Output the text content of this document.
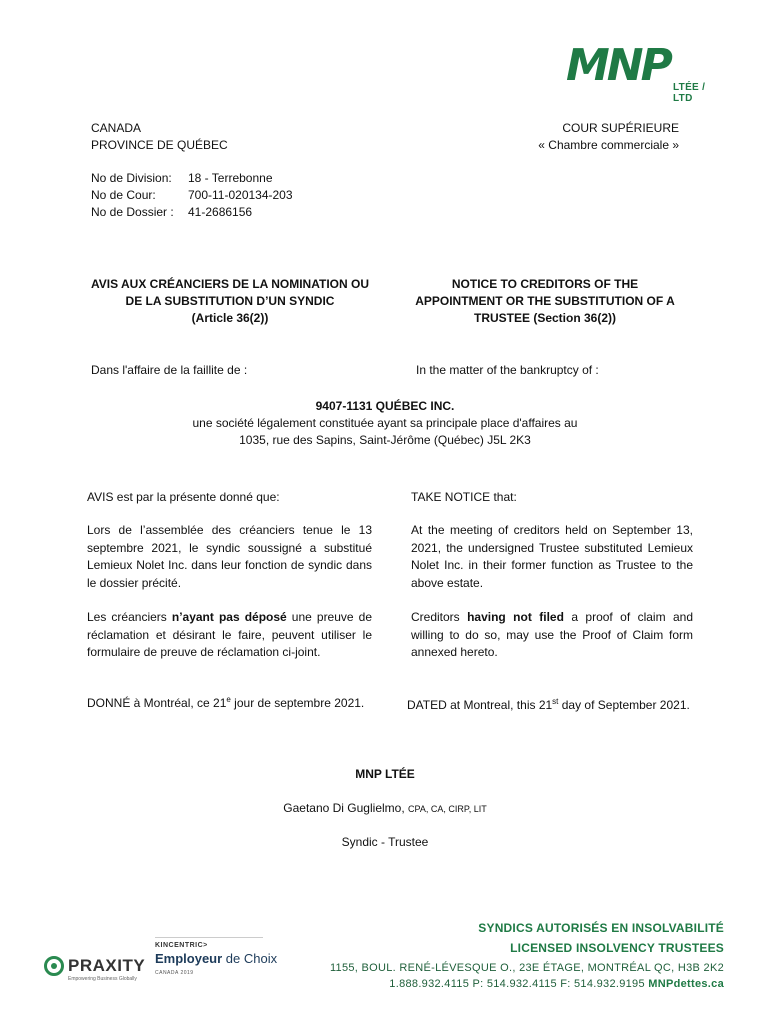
MNP LTÉE / LTD
CANADA
PROVINCE DE QUÉBEC
COUR SUPÉRIEURE
« Chambre commerciale »
No de Division: 18 - Terrebonne
No de Cour:	700-11-020134-203
No de Dossier : 41-2686156
AVIS AUX CRÉANCIERS DE LA NOMINATION OU
DE LA SUBSTITUTION D’UN SYNDIC
(Article 36(2))
NOTICE TO CREDITORS OF THE
APPOINTMENT OR THE SUBSTITUTION OF A
TRUSTEE (Section 36(2))
Dans l'affaire de la faillite de :	In the matter of the bankruptcy of :
9407-1131 QUÉBEC INC.
une société légalement constituée ayant sa principale place d'affaires au
1035, rue des Sapins, Saint-Jérôme (Québec) J5L 2K3
AVIS est par la présente donné que:	TAKE NOTICE that:
Lors de l’assemblée des créanciers tenue le 13 septembre 2021, le syndic soussigné a substitué Lemieux Nolet Inc. dans leur fonction de syndic dans le dossier précité.
At the meeting of creditors held on September 13, 2021, the undersigned Trustee substituted Lemieux Nolet Inc. in their former function as Trustee to the above estate.
Les créanciers n’ayant pas déposé une preuve de réclamation et désirant le faire, peuvent utiliser le formulaire de preuve de réclamation ci-joint.
Creditors having not filed a proof of claim and willing to do so, may use the Proof of Claim form annexed hereto.
DONNÉ à Montréal, ce 21e jour de septembre 2021.	DATED at Montreal, this 21st day of September 2021.
MNP LTÉE
Gaetano Di Guglielmo, CPA, CA, CIRP, LIT
Syndic - Trustee
SYNDICS AUTORISÉS EN INSOLVABILITÉ
LICENSED INSOLVENCY TRUSTEES
1155, BOUL. RENÉ-LÉVESQUE O., 23E ÉTAGE, MONTRÉAL QC, H3B 2K2
1.888.932.4115 P: 514.932.4115 F: 514.932.9195 MNPdettes.ca
PRAXITY
Empowering Business Globally
KINCENTRIC>
Employeur de Choix
CANADA 2019
